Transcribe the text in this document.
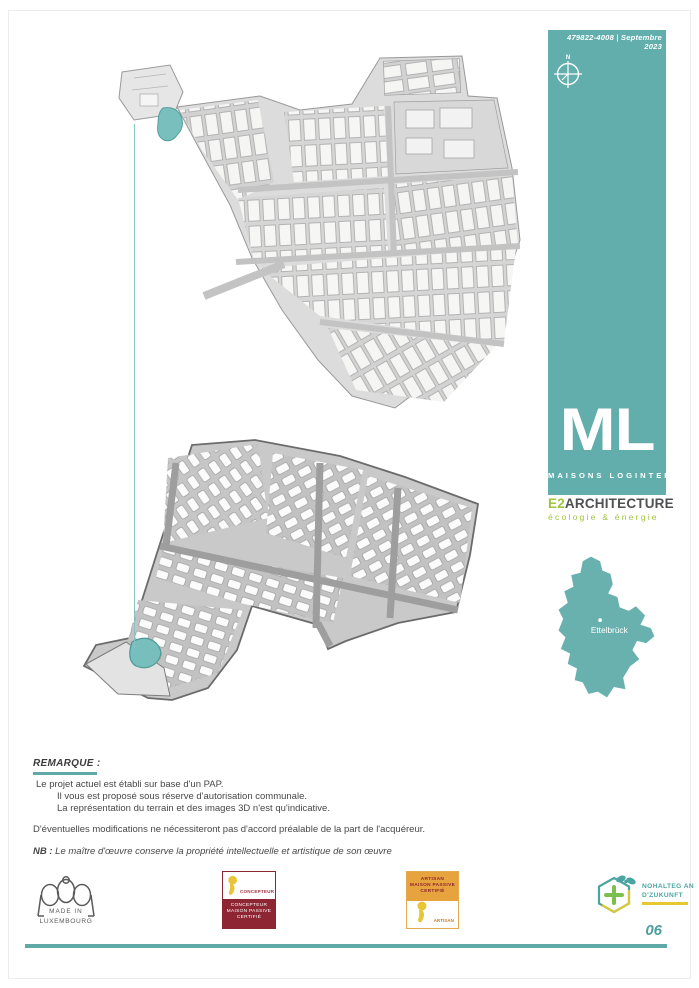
479822-4008 | Septembre 2023
N
ML
MAISONS LOGINTER
E2ARCHITECTURE
écologie & énergie
Ettelbrück
REMARQUE :
Le projet actuel est établi sur base d'un PAP.
Il vous est proposé sous réserve d'autorisation communale.
La représentation du terrain et des images 3D n'est qu'indicative.
D'éventuelles modifications ne nécessiteront pas d'accord préalable de la part de l'acquéreur.
NB : Le maître d'œuvre conserve la propriété intellectuelle et artistique de son œuvre
MADE IN
LUXEMBOURG
CONCEPTEUR
CONCEPTEUR
MAISON PASSIVE
CERTIFIÉ
ARTISAN
MAISON PASSIVE
CERTIFIÉ
ARTISAN
NOHALTEG AN
D'ZUKUNFT
06
